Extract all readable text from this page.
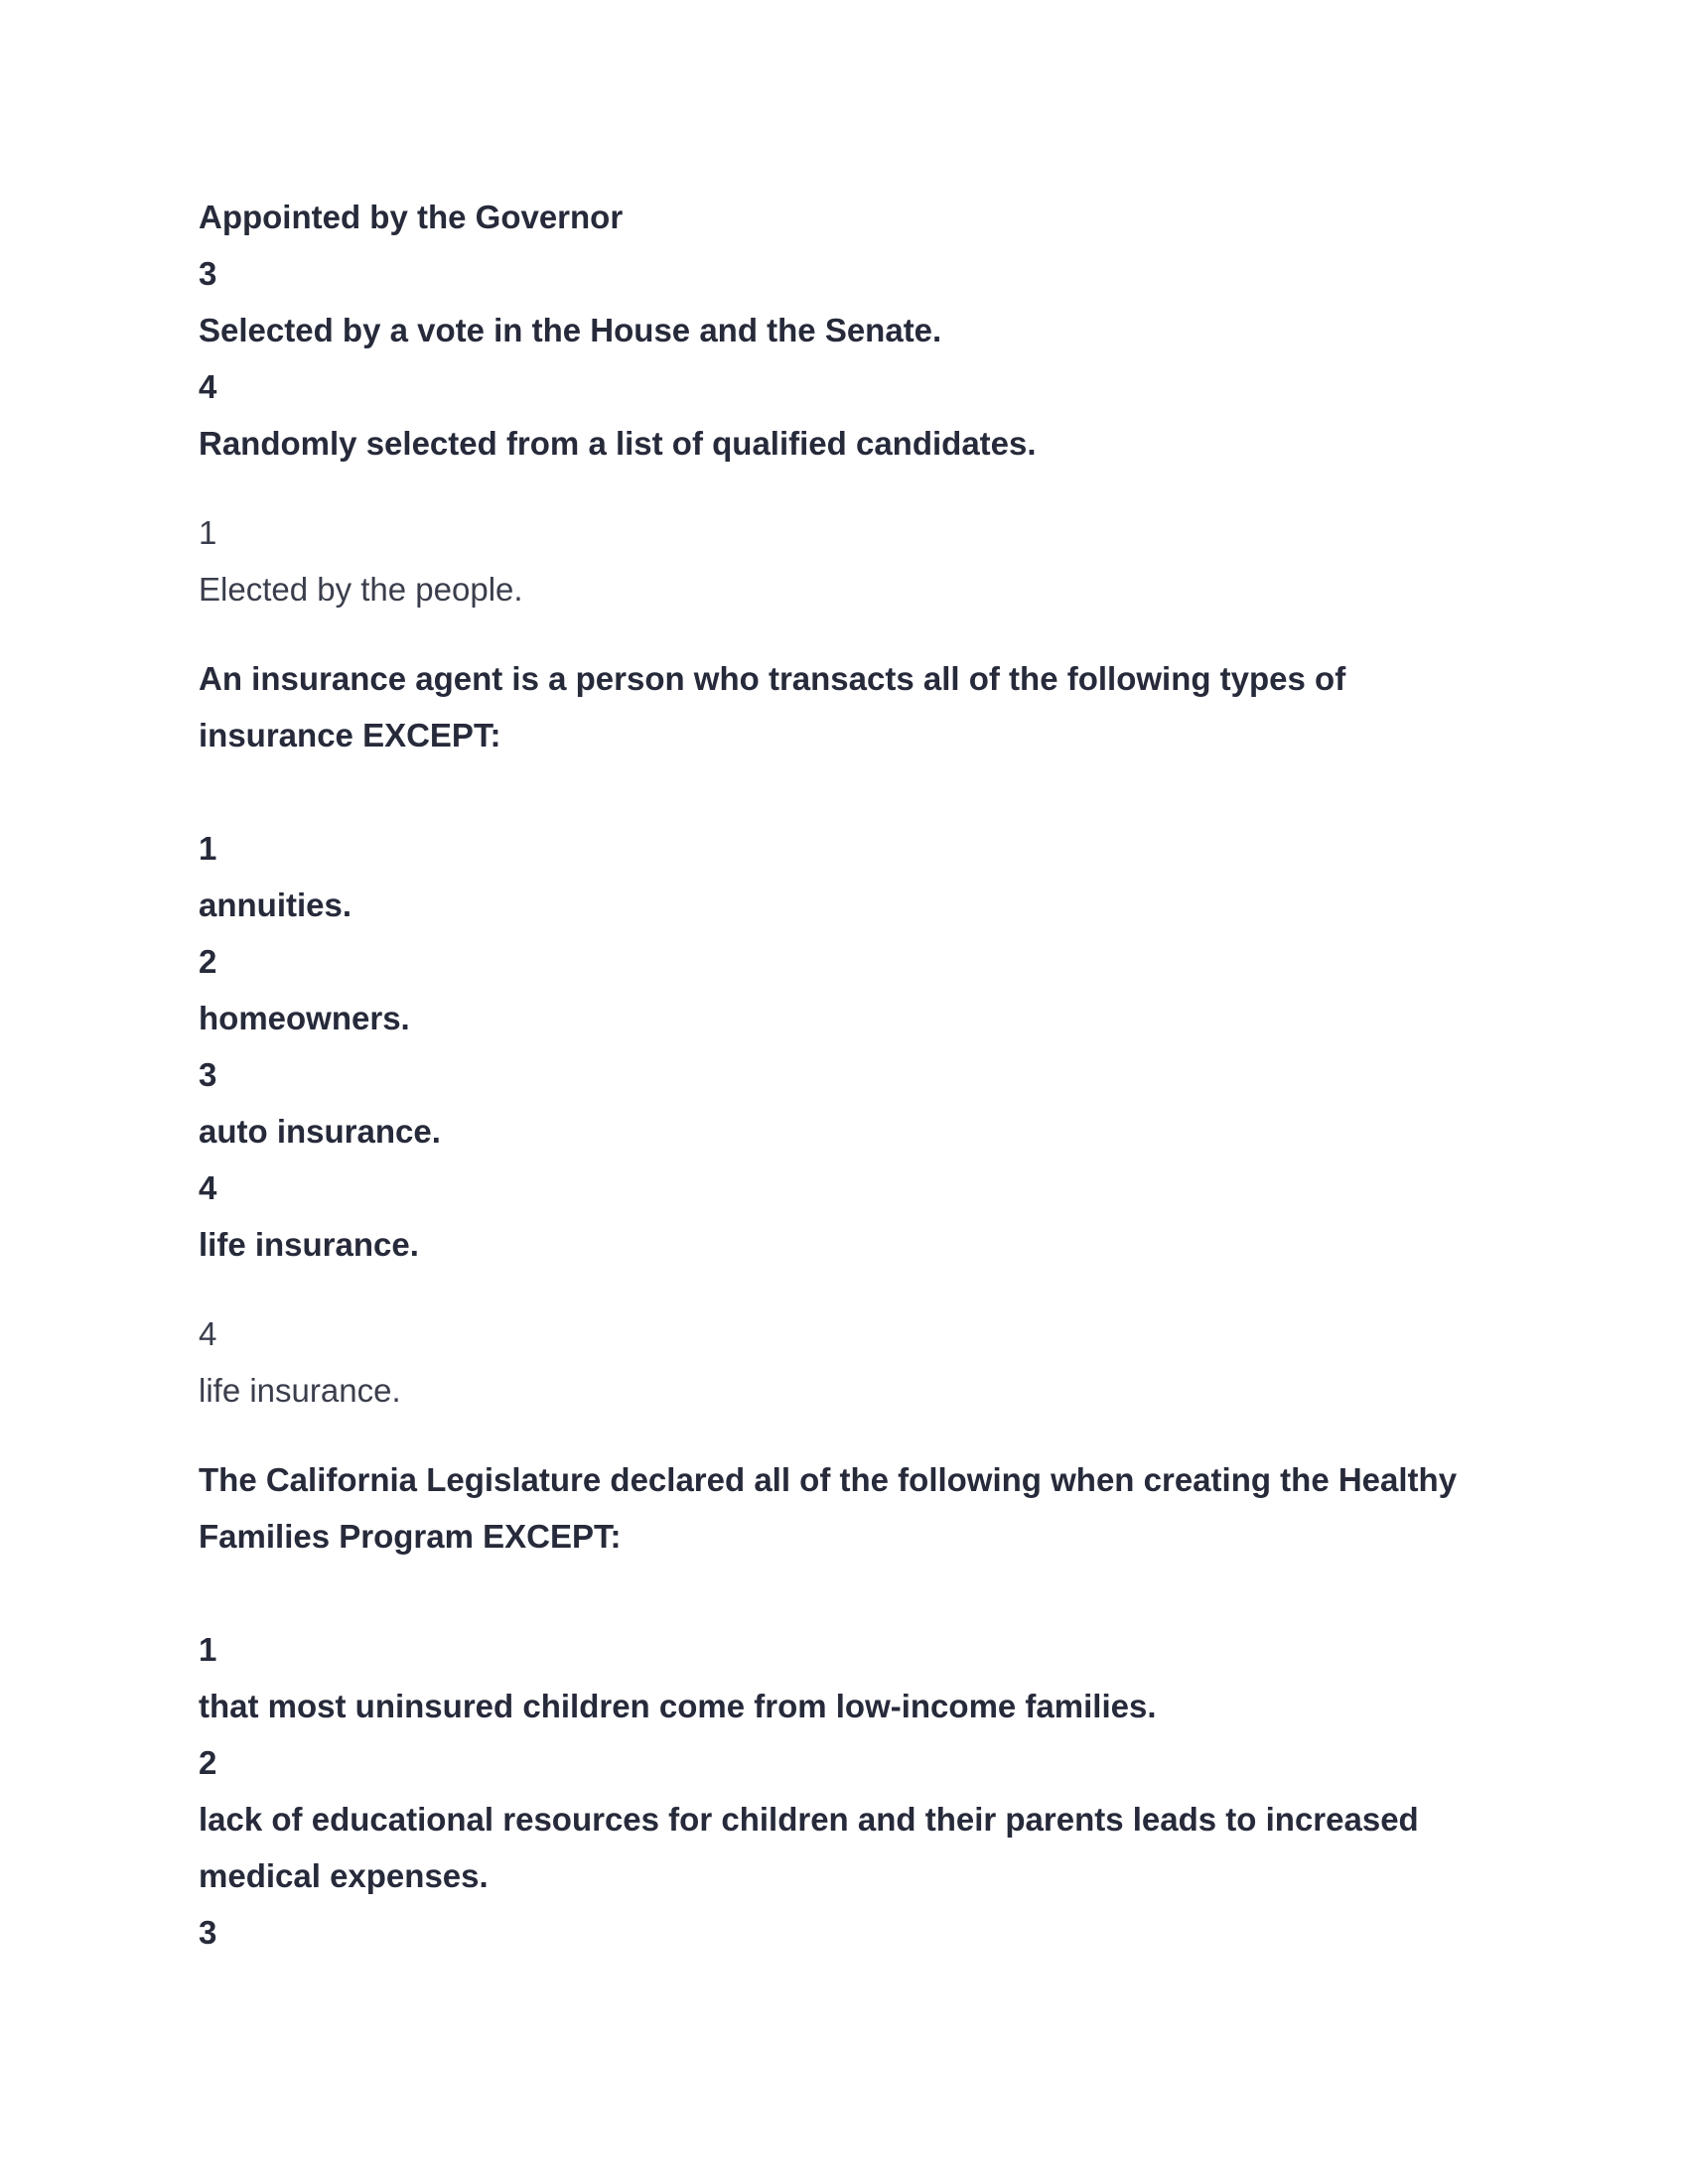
Appointed by the Governor

3

Selected by a vote in the House and the Senate.

4

Randomly selected from a list of qualified candidates.

1

Elected by the people.

An insurance agent is a person who transacts all of the following types of insurance EXCEPT:

1

annuities.

2

homeowners.

3

auto insurance.

4

life insurance.

4

life insurance.

The California Legislature declared all of the following when creating the Healthy Families Program EXCEPT:

1

that most uninsured children come from low-income families.

2

lack of educational resources for children and their parents leads to increased medical expenses.

3
